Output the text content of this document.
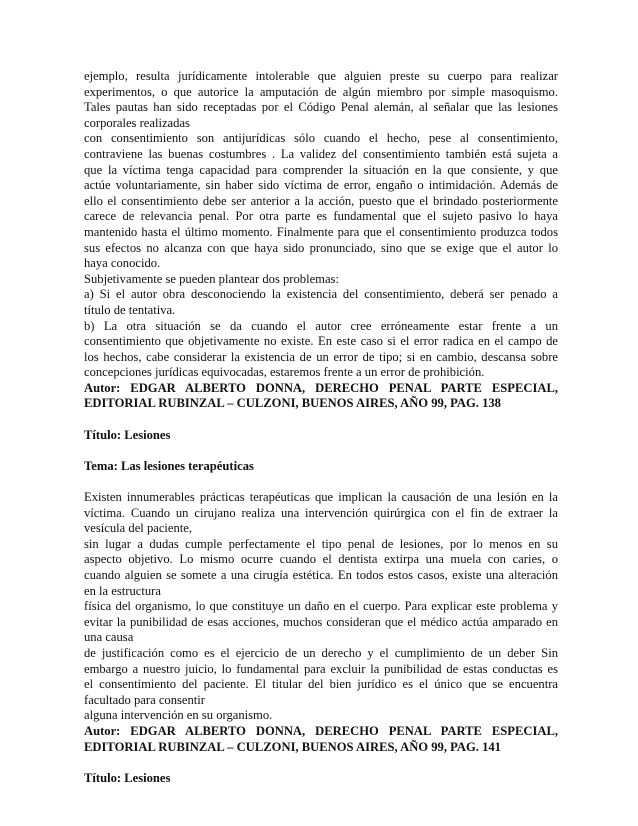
ejemplo, resulta jurídicamente intolerable que alguien preste su cuerpo para realizar
experimentos, o que autorice la amputación de algún miembro por simple masoquismo.
Tales pautas han sido receptadas por el Código Penal alemán, al señalar que las lesiones
corporales realizadas
con consentimiento son antijurídicas sólo cuando el hecho, pese al consentimiento,
contraviene las buenas costumbres . La validez del consentimiento también está sujeta a
que la víctima tenga capacidad para comprender la situación en la que consiente, y que
actúe voluntariamente, sin haber sido víctima de error, engaño o intimidación. Además de
ello el consentimiento debe ser anterior a la acción, puesto que el brindado posteriormente
carece de relevancia penal. Por otra parte es fundamental que el sujeto pasivo lo haya
mantenido hasta el último momento. Finalmente para que el consentimiento produzca todos
sus efectos no alcanza con que haya sido pronunciado, sino que se exige que el autor lo
haya conocido.
Subjetivamente se pueden plantear dos problemas:
a) Si el autor obra desconociendo la existencia del consentimiento, deberá ser penado a
título de tentativa.
b) La otra situación se da cuando el autor cree erróneamente estar frente a un
consentimiento que objetivamente no existe. En este caso si el error radica en el campo de
los hechos, cabe considerar la existencia de un error de tipo; si en cambio, descansa sobre
concepciones jurídicas equivocadas, estaremos frente a un error de prohibición.
Autor: EDGAR ALBERTO DONNA, DERECHO PENAL PARTE ESPECIAL,
EDITORIAL RUBINZAL – CULZONI, BUENOS AIRES, AÑO 99, PAG. 138
Título: Lesiones
Tema: Las lesiones terapéuticas
Existen innumerables prácticas terapéuticas que implican la causación de una lesión en la
víctima. Cuando un cirujano realiza una intervención quirúrgica con el fin de extraer la
vesícula del paciente,
sin lugar a dudas cumple perfectamente el tipo penal de lesiones, por lo menos en su
aspecto objetivo. Lo mismo ocurre cuando el dentista extirpa una muela con caries, o
cuando alguien se somete a una cirugía estética. En todos estos casos, existe una alteración
en la estructura
física del organismo, lo que constituye un daño en el cuerpo. Para explicar este problema y
evitar la punibilidad de esas acciones, muchos consideran que el médico actúa amparado en
una causa
de justificación como es el ejercicio de un derecho y el cumplimiento de un deber Sin
embargo a nuestro juicio, lo fundamental para excluir la punibilidad de estas conductas es
el consentimiento del paciente. El titular del bien jurídico es el único que se encuentra
facultado para consentir
alguna intervención en su organismo.
Autor: EDGAR ALBERTO DONNA, DERECHO PENAL PARTE ESPECIAL,
EDITORIAL RUBINZAL – CULZONI, BUENOS AIRES, AÑO 99, PAG. 141
Título: Lesiones
